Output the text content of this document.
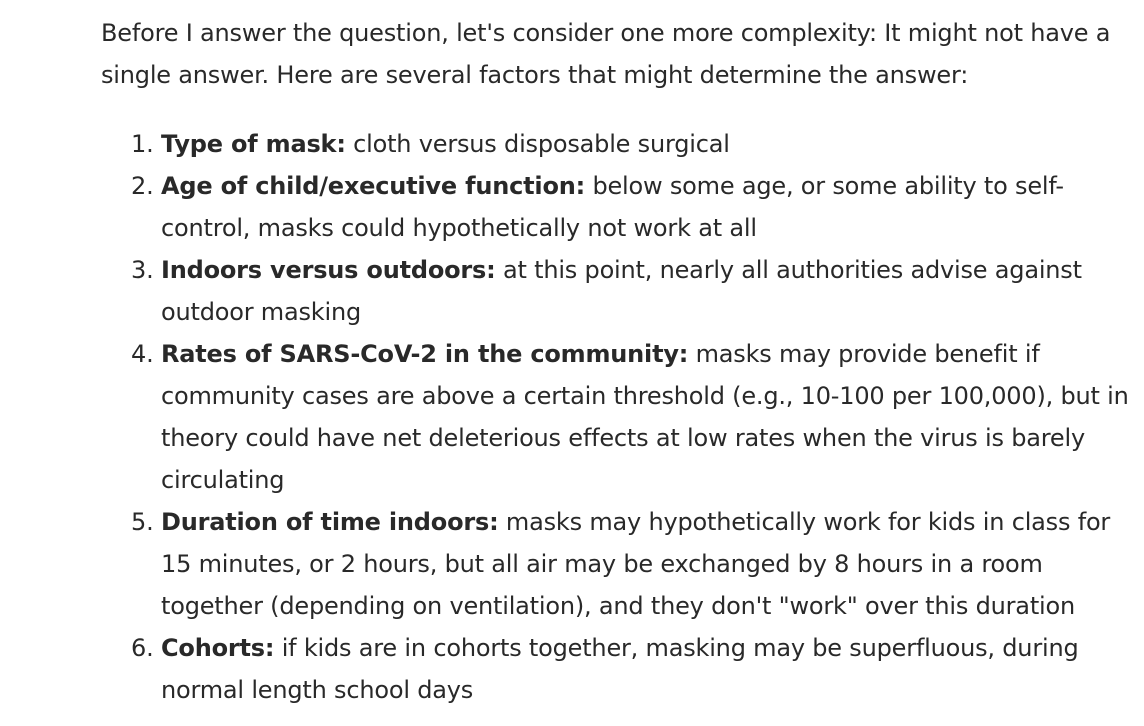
Before I answer the question, let's consider one more complexity: It might not have a single answer. Here are several factors that might determine the answer:

1. Type of mask: cloth versus disposable surgical
2. Age of child/executive function: below some age, or some ability to self-control, masks could hypothetically not work at all
3. Indoors versus outdoors: at this point, nearly all authorities advise against outdoor masking
4. Rates of SARS-CoV-2 in the community: masks may provide benefit if community cases are above a certain threshold (e.g., 10-100 per 100,000), but in theory could have net deleterious effects at low rates when the virus is barely circulating
5. Duration of time indoors: masks may hypothetically work for kids in class for 15 minutes, or 2 hours, but all air may be exchanged by 8 hours in a room together (depending on ventilation), and they don't "work" over this duration
6. Cohorts: if kids are in cohorts together, masking may be superfluous, during normal length school days
